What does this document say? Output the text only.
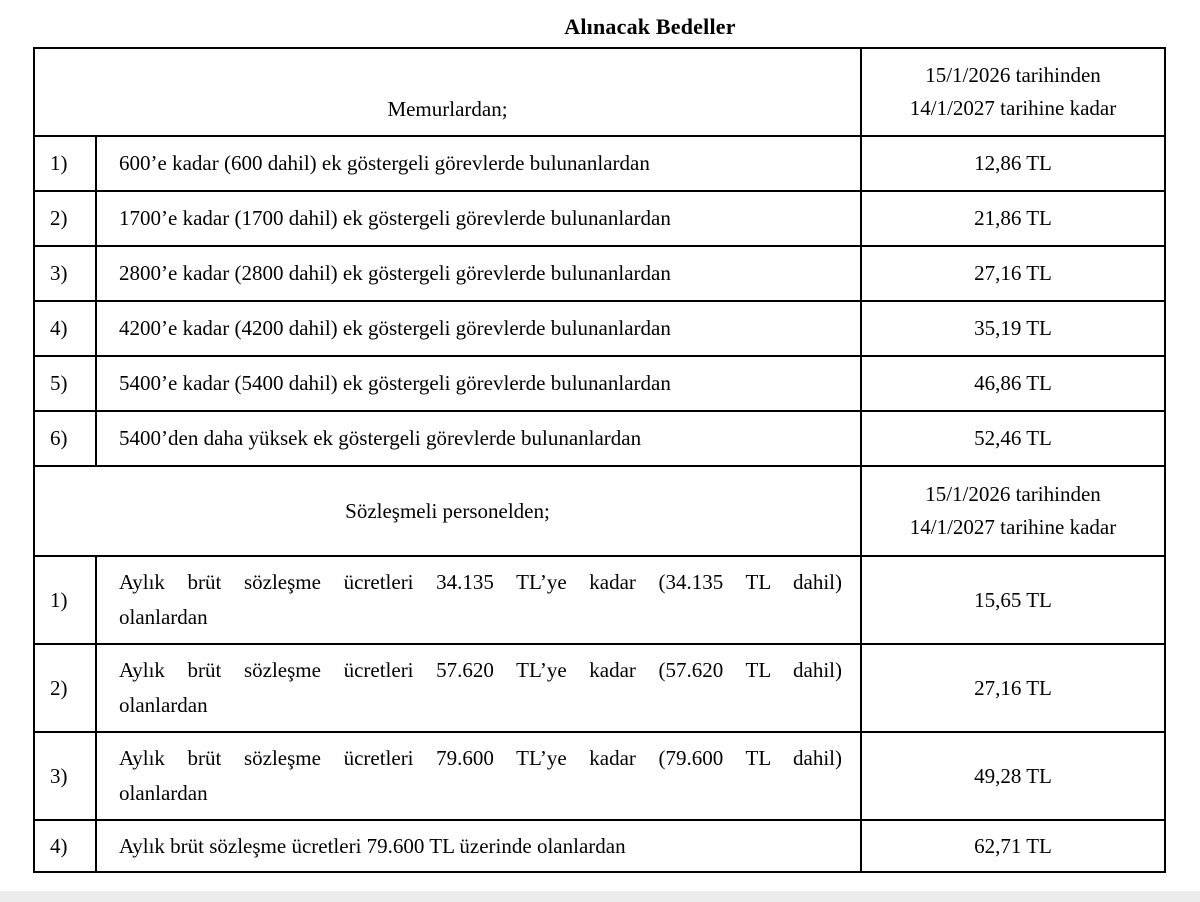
Alınacak Bedeller
Memurlardan;		15/1/2026 tarihinden
14/1/2027 tarihine kadar

1)	600’e kadar (600 dahil) ek göstergeli görevlerde bulunanlardan	12,86 TL
2)	1700’e kadar (1700 dahil) ek göstergeli görevlerde bulunanlardan	21,86 TL
3)	2800’e kadar (2800 dahil) ek göstergeli görevlerde bulunanlardan	27,16 TL
4)	4200’e kadar (4200 dahil) ek göstergeli görevlerde bulunanlardan	35,19 TL
5)	5400’e kadar (5400 dahil) ek göstergeli görevlerde bulunanlardan	46,86 TL
6)	5400’den daha yüksek ek göstergeli görevlerde bulunanlardan	52,46 TL
Sözleşmeli personelden;		15/1/2026 tarihinden
14/1/2027 tarihine kadar

1)	Aylık brüt sözleşme ücretleri 34.135 TL’ye kadar (34.135 TL dahil)
olanlardan	15,65 TL
2)	Aylık brüt sözleşme ücretleri 57.620 TL’ye kadar (57.620 TL dahil)
olanlardan	27,16 TL
3)	Aylık brüt sözleşme ücretleri 79.600 TL’ye kadar (79.600 TL dahil)
olanlardan	49,28 TL
4)	Aylık brüt sözleşme ücretleri 79.600 TL üzerinde olanlardan	62,71 TL
